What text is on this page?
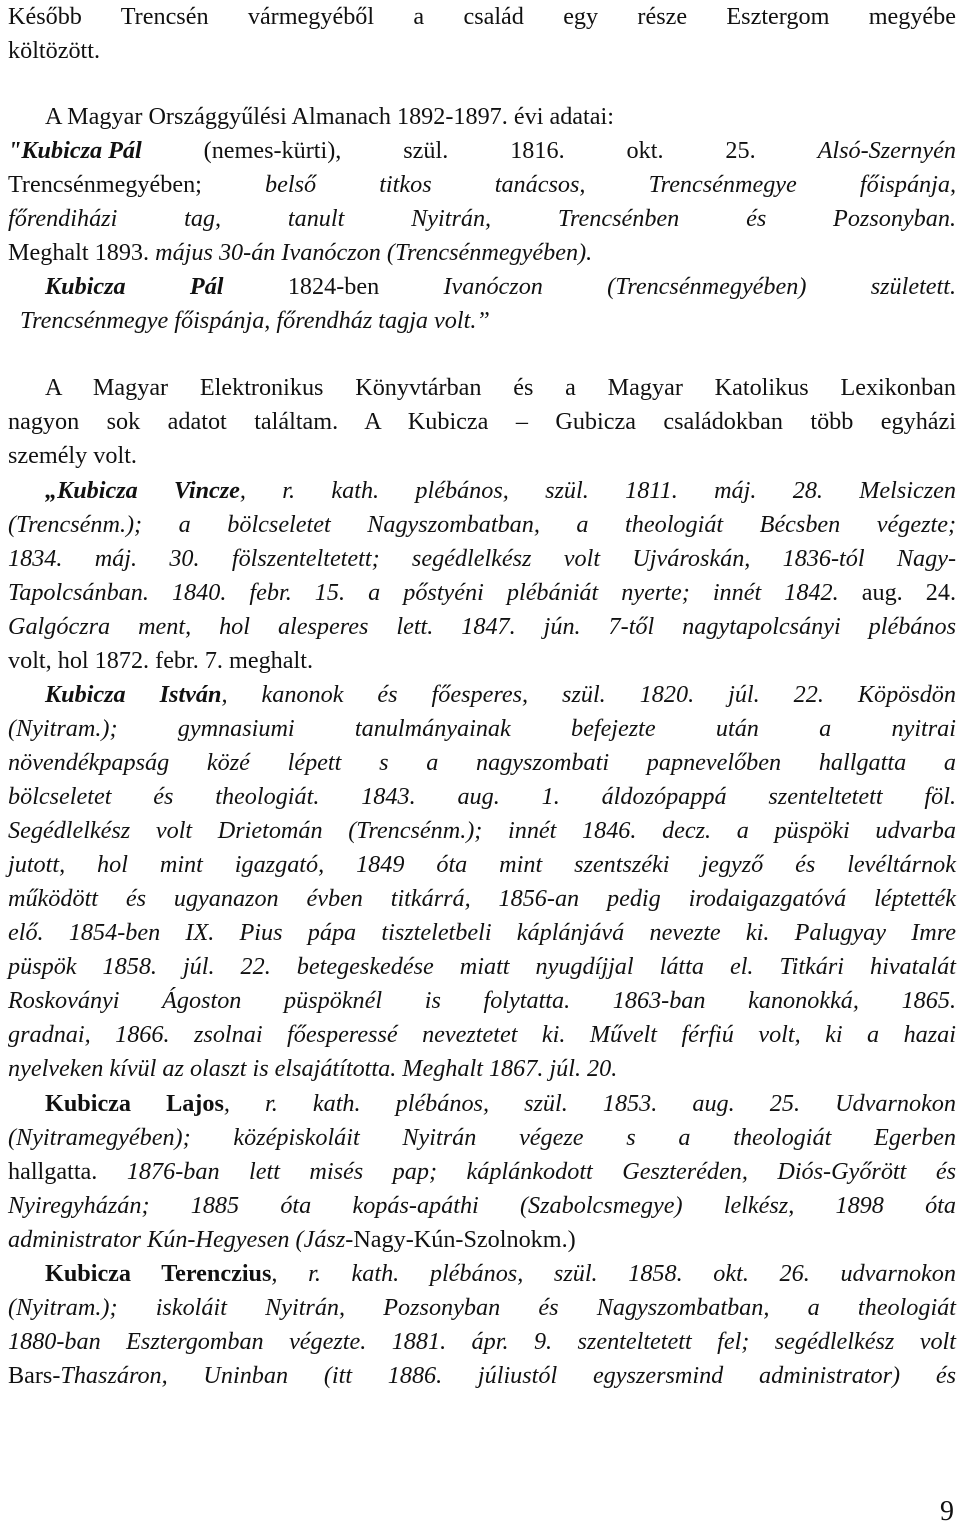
Később Trencsén vármegyéből a család egy része Esztergom megyébe
költözött.
A Magyar Országgyűlési Almanach 1892-1897. évi adatai:
"Kubicza Pál	(nemes-kürti),	szül.	1816.	okt.	25.	Alsó-Szernyén
Trencsénmegyében;	belső titkos tanácsos, Trencsénmegye főispánja,
főrendiházi tag, tanult Nyitrán, Trencsénben és Pozsonyban.
Meghalt 1893. május 30-án Ivanóczon (Trencsénmegyében).
Kubicza Pál	1824-ben	Ivanóczon (Trencsénmegyében)	született.
Trencsénmegye főispánja, főrendház tagja volt.”
A Magyar Elektronikus Könyvtárban és a Magyar Katolikus Lexikonban
nagyon sok adatot találtam. A Kubicza – Gubicza családokban több egyházi
személy volt.
„Kubicza Vincze, r. kath. plébános, szül. 1811. máj. 28. Melsiczen
(Trencsénm.); a bölcseletet Nagyszombatban, a theologiát Bécsben végezte;
1834. máj. 30. fölszenteltetett; segédlelkész volt Ujvároskán, 1836-tól Nagy-
Tapolcsánban. 1840. febr. 15. a pőstyéni plébániát nyerte; innét 1842. aug. 24.
Galgóczra ment, hol alesperes lett. 1847. jún. 7-től nagytapolcsányi plébános
volt, hol 1872. febr. 7. meghalt.
Kubicza István, kanonok és főesperes, szül. 1820. júl. 22. Köpösdön
(Nyitram.); gymnasiumi tanulmányainak befejezte után a nyitrai
növendékpapság közé lépett s a nagyszombati papnevelőben hallgatta a
bölcseletet és theologiát. 1843. aug. 1. áldozópappá szenteltetett föl.
Segédlelkész volt Drietomán (Trencsénm.); innét 1846. decz. a püspöki udvarba
jutott, hol mint igazgató, 1849 óta mint szentszéki jegyző és levéltárnok
működött és ugyanazon évben titkárrá, 1856-an pedig irodaigazgatóvá léptették
elő. 1854-ben IX. Pius pápa tiszteletbeli káplánjává nevezte ki. Palugyay Imre
püspök 1858. júl. 22. betegeskedése miatt nyugdíjjal látta el. Titkári hivatalát
Roskoványi Ágoston püspöknél is folytatta. 1863-ban kanonokká, 1865.
gradnai, 1866. zsolnai főesperessé neveztetet ki. Művelt férfiú volt, ki a hazai
nyelveken kívül az olaszt is elsajátította. Meghalt 1867. júl. 20.
Kubicza Lajos, r. kath. plébános, szül. 1853. aug. 25. Udvarnokon
(Nyitramegyében); középiskoláit Nyitrán végeze s a theologiát Egerben
hallgatta. 1876-ban lett misés pap; káplánkodott Geszteréden, Diós-Győrött és
Nyiregyházán; 1885 óta kopás-apáthi (Szabolcsmegye) lelkész, 1898 óta
administrator Kún-Hegyesen (Jász-Nagy-Kún-Szolnokm.)
Kubicza Terenczius, r. kath. plébános, szül. 1858. okt. 26. udvarnokon
(Nyitram.); iskoláit Nyitrán, Pozsonyban és Nagyszombatban, a theologiát
1880-ban Esztergomban végezte. 1881. ápr. 9. szenteltetett fel; segédlelkész volt
Bars-Thaszáron, Uninban (itt 1886. júliustól egyszersmind administrator) és
9
